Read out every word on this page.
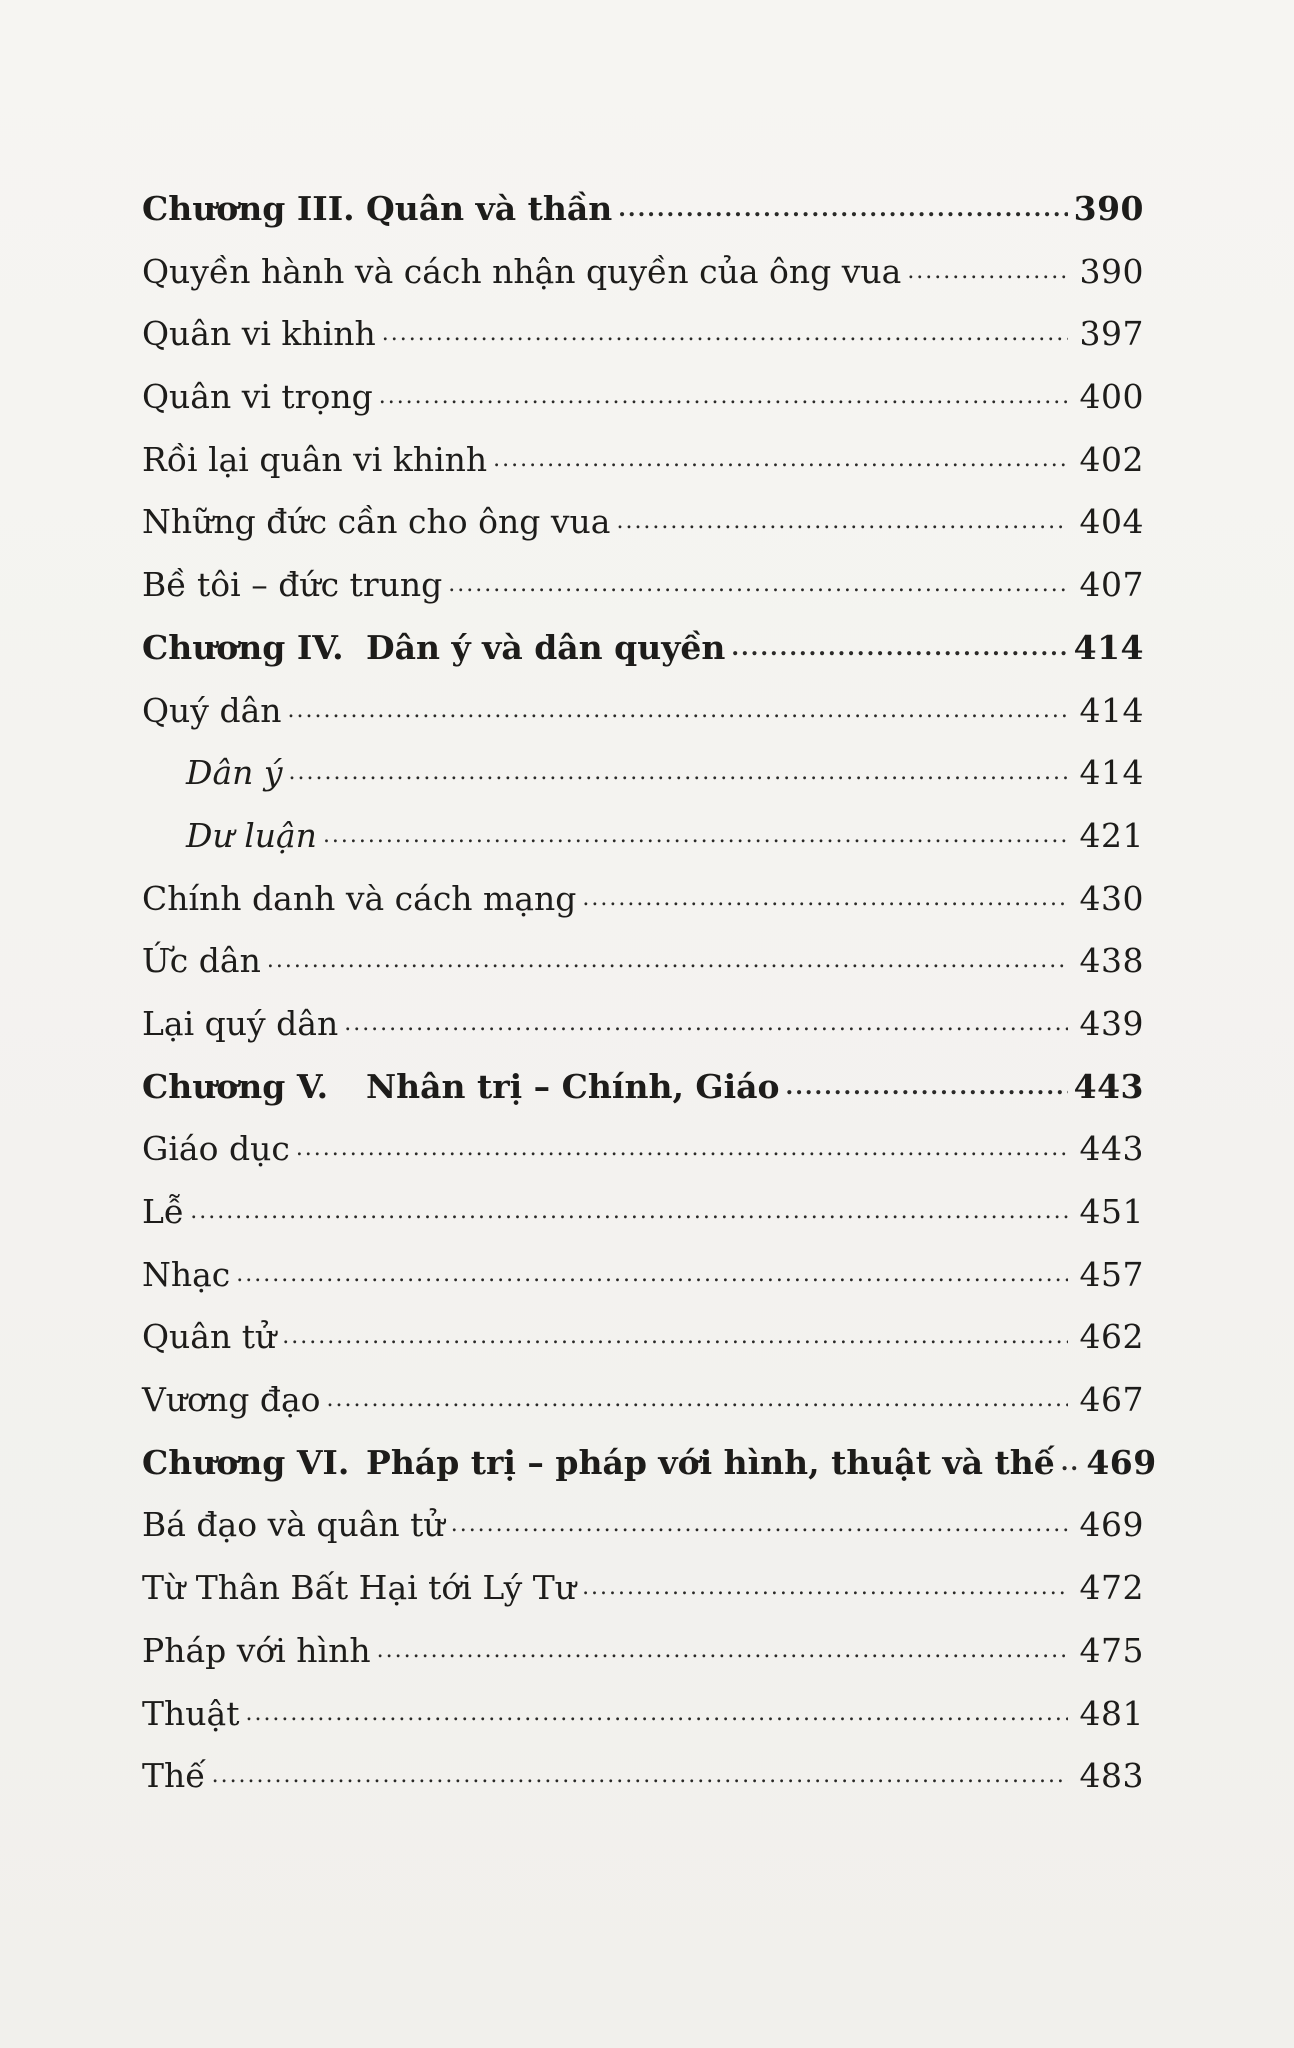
Chương III. Quân và thần .....	390
Quyền hành và cách nhận quyền của ông vua .....	390
Quân vi khinh .....	397
Quân vi trọng .....	400
Rồi lại quân vi khinh .....	402
Những đức cần cho ông vua .....	404
Bề tôi – đức trung .....	407
Chương IV. Dân ý và dân quyền .....	414
Quý dân .....	414
Dân ý .....	414
Dư luận .....	421
Chính danh và cách mạng .....	430
Ức dân .....	438
Lại quý dân .....	439
Chương V.	Nhân trị – Chính, Giáo .....	443
Giáo dục .....	443
Lễ .....	451
Nhạc .....	457
Quân tử .....	462
Vương đạo .....	467
Chương VI. Pháp trị – pháp với hình, thuật và thế ..... 469
Bá đạo và quân tử .....	469
Từ Thân Bất Hại tới Lý Tư .....	472
Pháp với hình .....	475
Thuật .....	481
Thế .....	483
